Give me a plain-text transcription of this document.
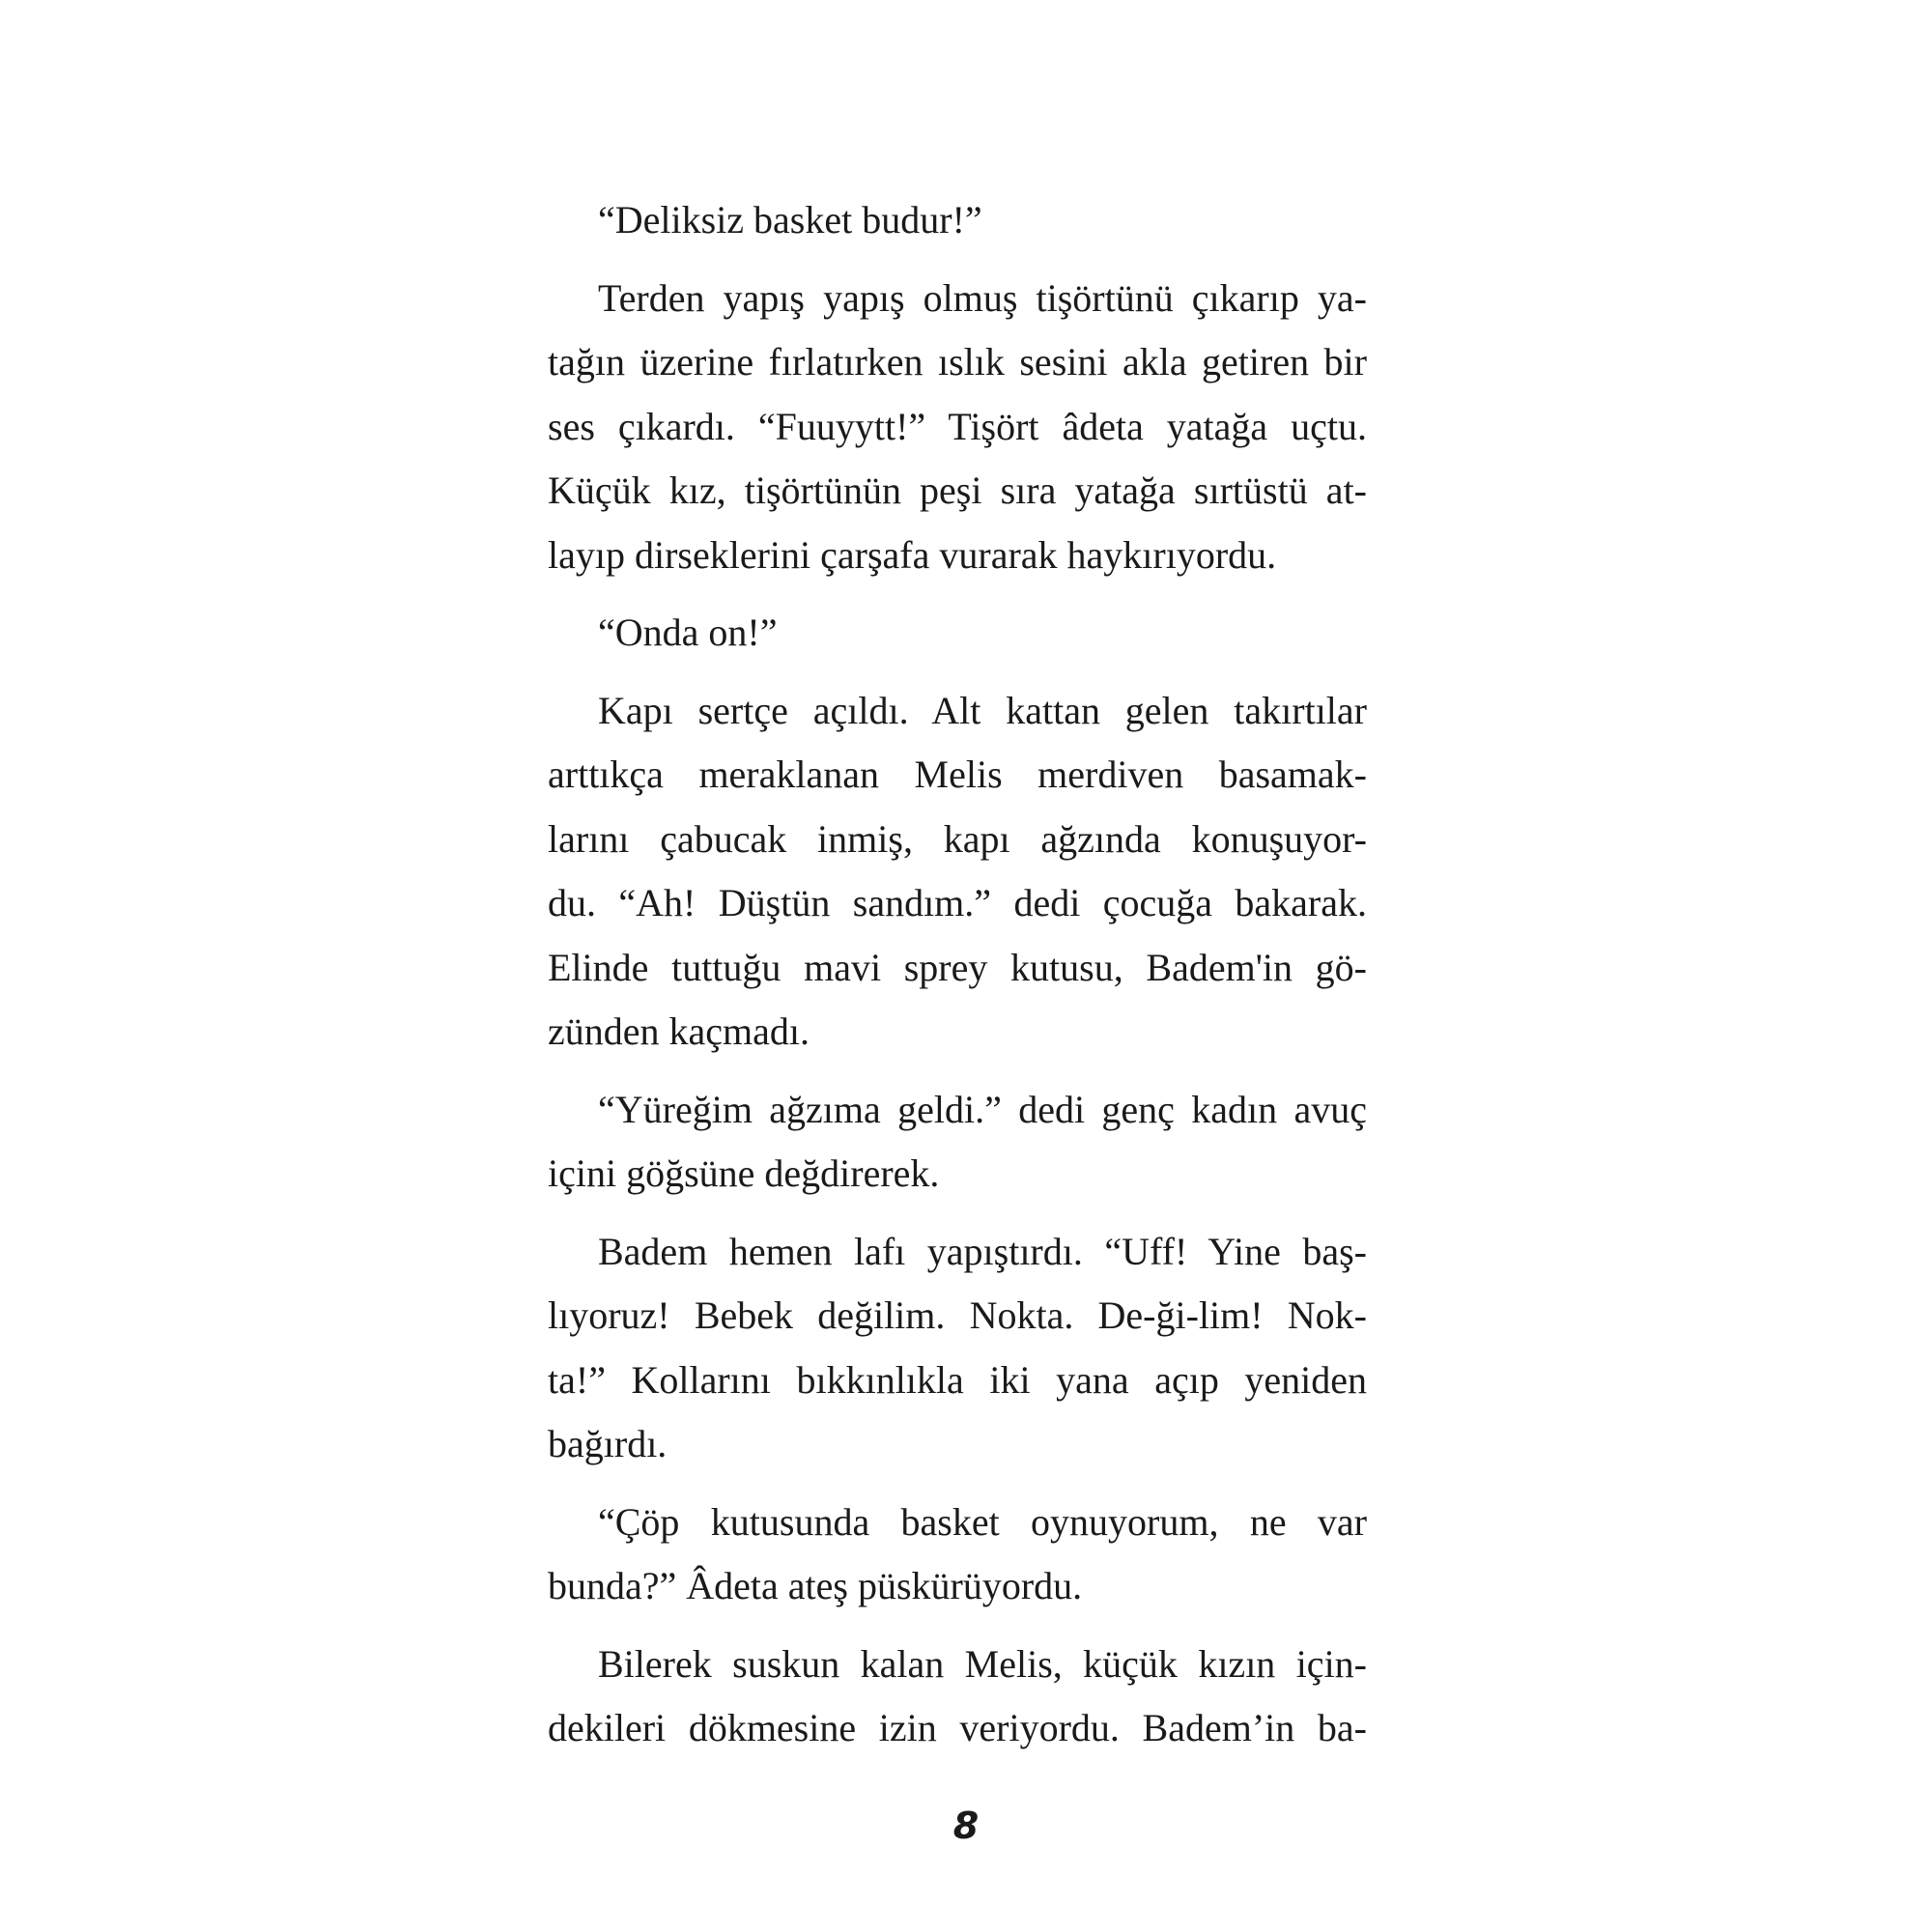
“Deliksiz basket budur!”
Terden yapış yapış olmuş tişörtünü çıkarıp ya-
tağın üzerine fırlatırken ıslık sesini akla getiren bir
ses çıkardı. “Fuuyytt!” Tişört âdeta yatağa uçtu.
Küçük kız, tişörtünün peşi sıra yatağa sırtüstü at-
layıp dirseklerini çarşafa vurarak haykırıyordu.
“Onda on!”
Kapı sertçe açıldı. Alt kattan gelen takırtılar
arttıkça meraklanan Melis merdiven basamak-
larını çabucak inmiş, kapı ağzında konuşuyor-
du. “Ah! Düştün sandım.” dedi çocuğa bakarak.
Elinde tuttuğu mavi sprey kutusu, Badem'in gö-
zünden kaçmadı.
“Yüreğim ağzıma geldi.” dedi genç kadın avuç
içini göğsüne değdirerek.
Badem hemen lafı yapıştırdı. “Uff! Yine baş-
lıyoruz! Bebek değilim. Nokta. De-ği-lim! Nok-
ta!” Kollarını bıkkınlıkla iki yana açıp yeniden
bağırdı.
“Çöp kutusunda basket oynuyorum, ne var
bunda?” Âdeta ateş püskürüyordu.
Bilerek suskun kalan Melis, küçük kızın için-
dekileri dökmesine izin veriyordu. Badem’in ba-
8
